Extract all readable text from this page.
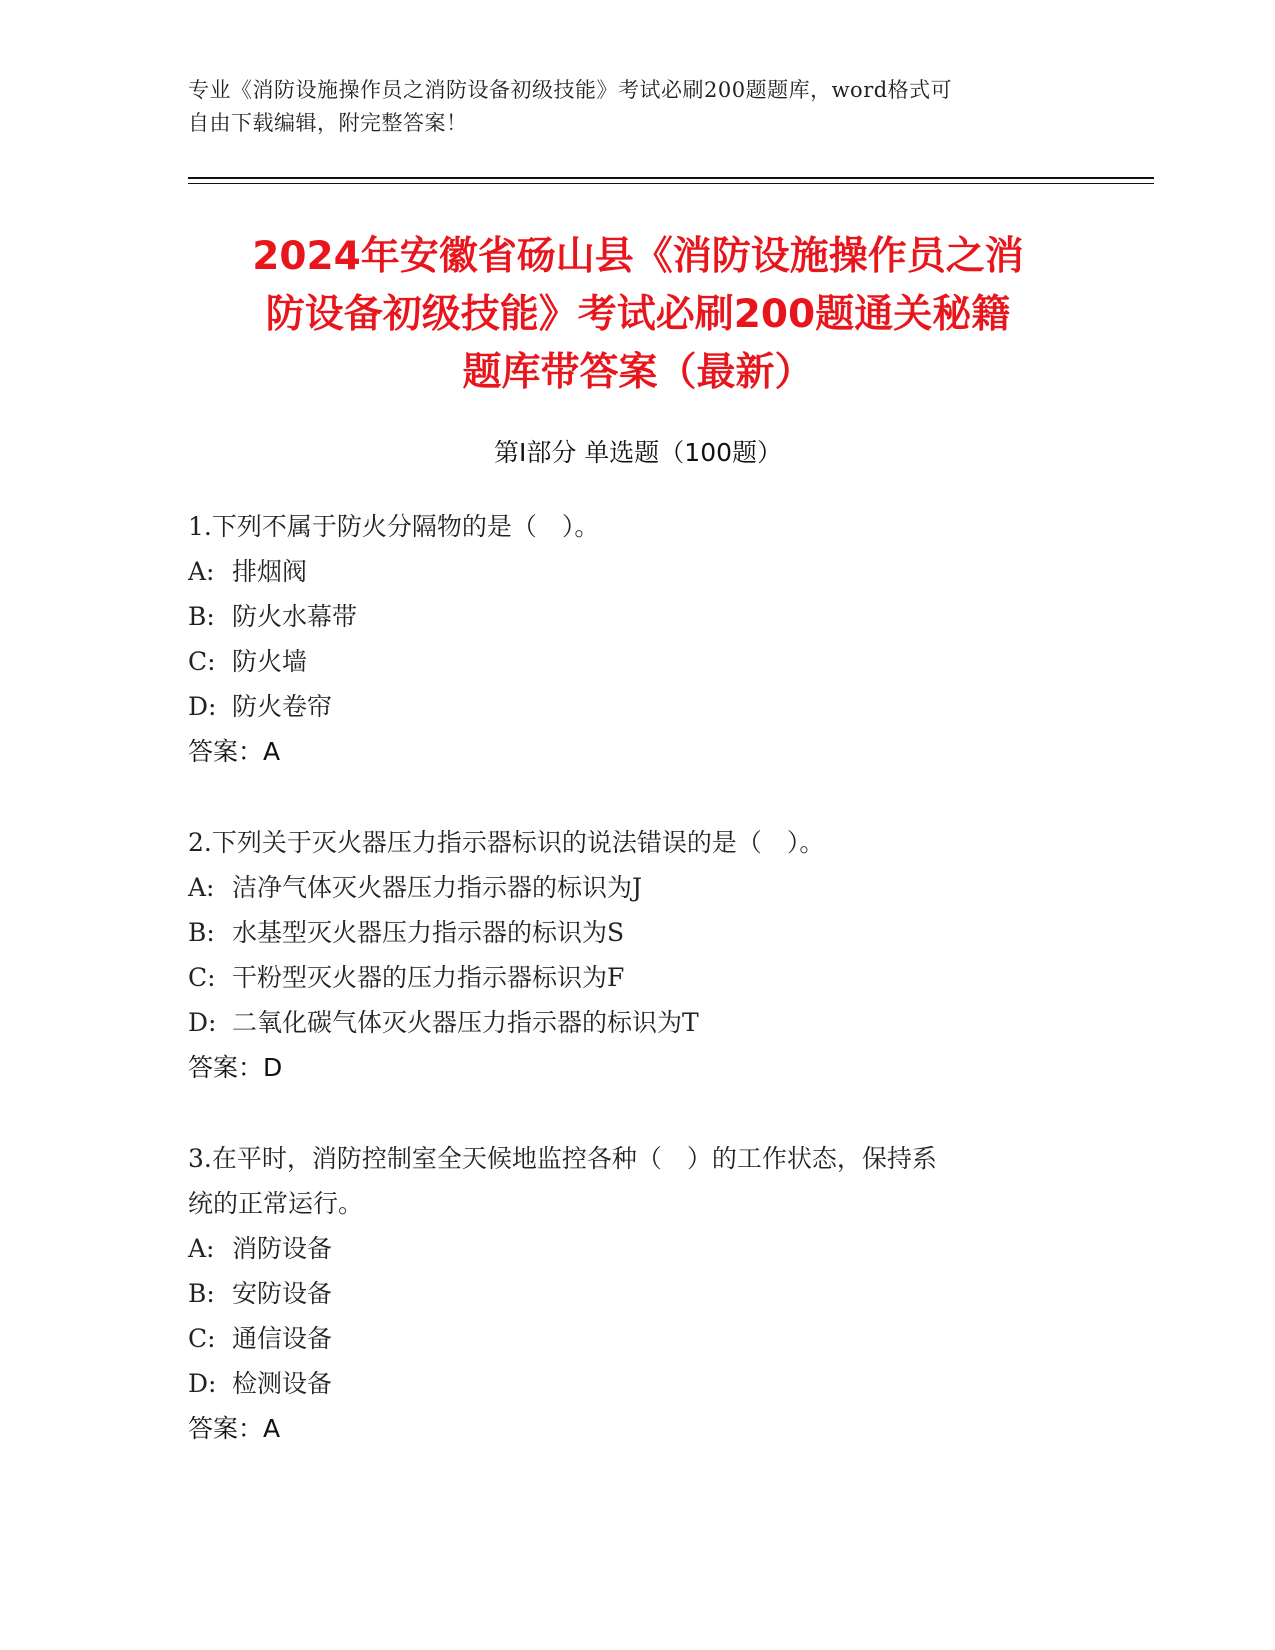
专业《消防设施操作员之消防设备初级技能》考试必刷200题题库，word格式可
自由下载编辑，附完整答案！
2024年安徽省砀山县《消防设施操作员之消
防设备初级技能》考试必刷200题通关秘籍
题库带答案（最新）
第Ⅰ部分 单选题（100题）

1.下列不属于防火分隔物的是（　）。

A: 排烟阀

B: 防火水幕带

C: 防火墙

D: 防火卷帘

答案：A

2.下列关于灭火器压力指示器标识的说法错误的是（　）。

A: 洁净气体灭火器压力指示器的标识为J

B: 水基型灭火器压力指示器的标识为S

C: 干粉型灭火器的压力指示器标识为F

D: 二氧化碳气体灭火器压力指示器的标识为T

答案：D

3.在平时，消防控制室全天候地监控各种（　）的工作状态，保持系

统的正常运行。

A: 消防设备

B: 安防设备

C: 通信设备

D: 检测设备

答案：A
